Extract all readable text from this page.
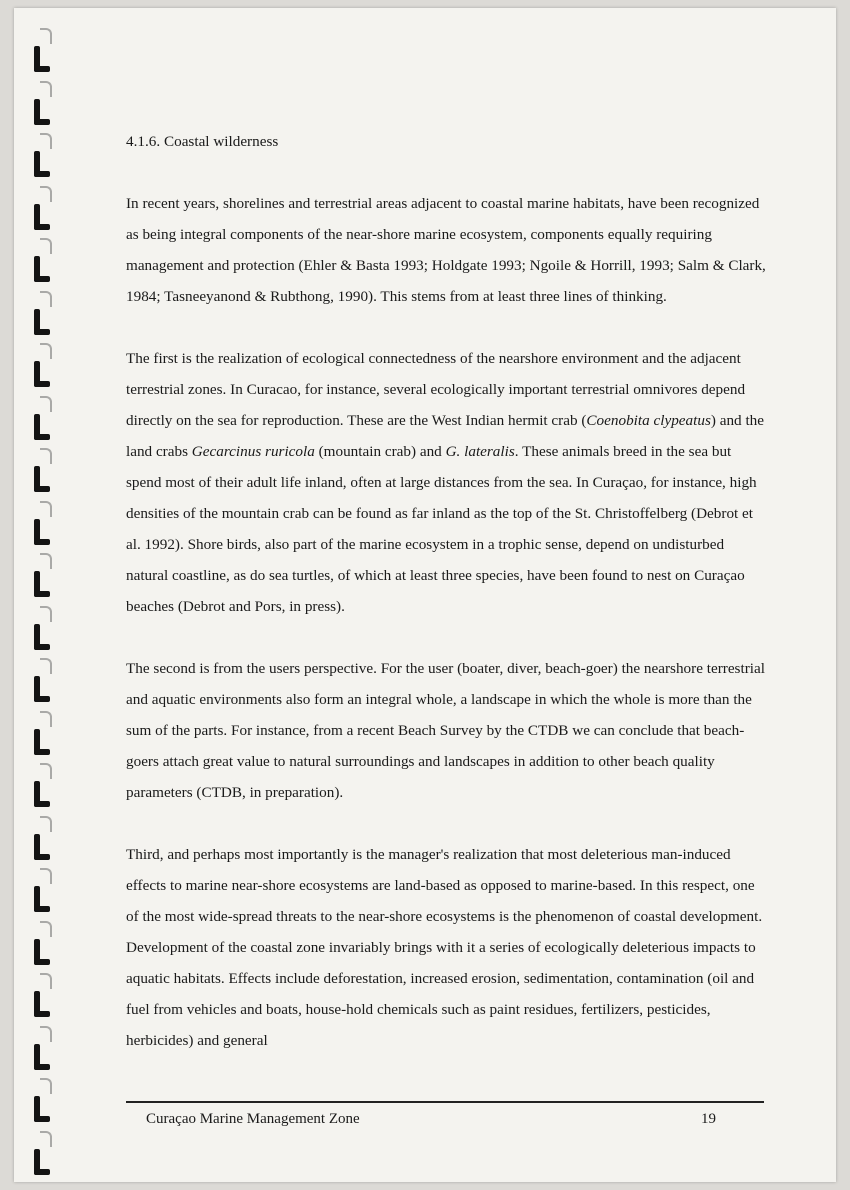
4.1.6. Coastal wilderness

In recent years, shorelines and terrestrial areas adjacent to coastal marine habitats, have been recognized as being integral components of the near-shore marine ecosystem, components equally requiring management and protection (Ehler & Basta 1993; Holdgate 1993; Ngoile & Horrill, 1993; Salm & Clark, 1984; Tasneeyanond & Rubthong, 1990). This stems from at least three lines of thinking.

The first is the realization of ecological connectedness of the nearshore environment and the adjacent terrestrial zones. In Curacao, for instance, several ecologically important terrestrial omnivores depend directly on the sea for reproduction. These are the West Indian hermit crab (Coenobita clypeatus) and the land crabs Gecarcinus ruricola (mountain crab) and G. lateralis. These animals breed in the sea but spend most of their adult life inland, often at large distances from the sea. In Curaçao, for instance, high densities of the mountain crab can be found as far inland as the top of the St. Christoffelberg (Debrot et al. 1992). Shore birds, also part of the marine ecosystem in a trophic sense, depend on undisturbed natural coastline, as do sea turtles, of which at least three species, have been found to nest on Curaçao beaches (Debrot and Pors, in press).

The second is from the users perspective. For the user (boater, diver, beach-goer) the nearshore terrestrial and aquatic environments also form an integral whole, a landscape in which the whole is more than the sum of the parts. For instance, from a recent Beach Survey by the CTDB we can conclude that beach-goers attach great value to natural surroundings and landscapes in addition to other beach quality parameters (CTDB, in preparation).

Third, and perhaps most importantly is the manager's realization that most deleterious man-induced effects to marine near-shore ecosystems are land-based as opposed to marine-based. In this respect, one of the most wide-spread threats to the near-shore ecosystems is the phenomenon of coastal development. Development of the coastal zone invariably brings with it a series of ecologically deleterious impacts to aquatic habitats. Effects include deforestation, increased erosion, sedimentation, contamination (oil and fuel from vehicles and boats, house-hold chemicals such as paint residues, fertilizers, pesticides, herbicides) and general

Curaçao Marine Management Zone	19
